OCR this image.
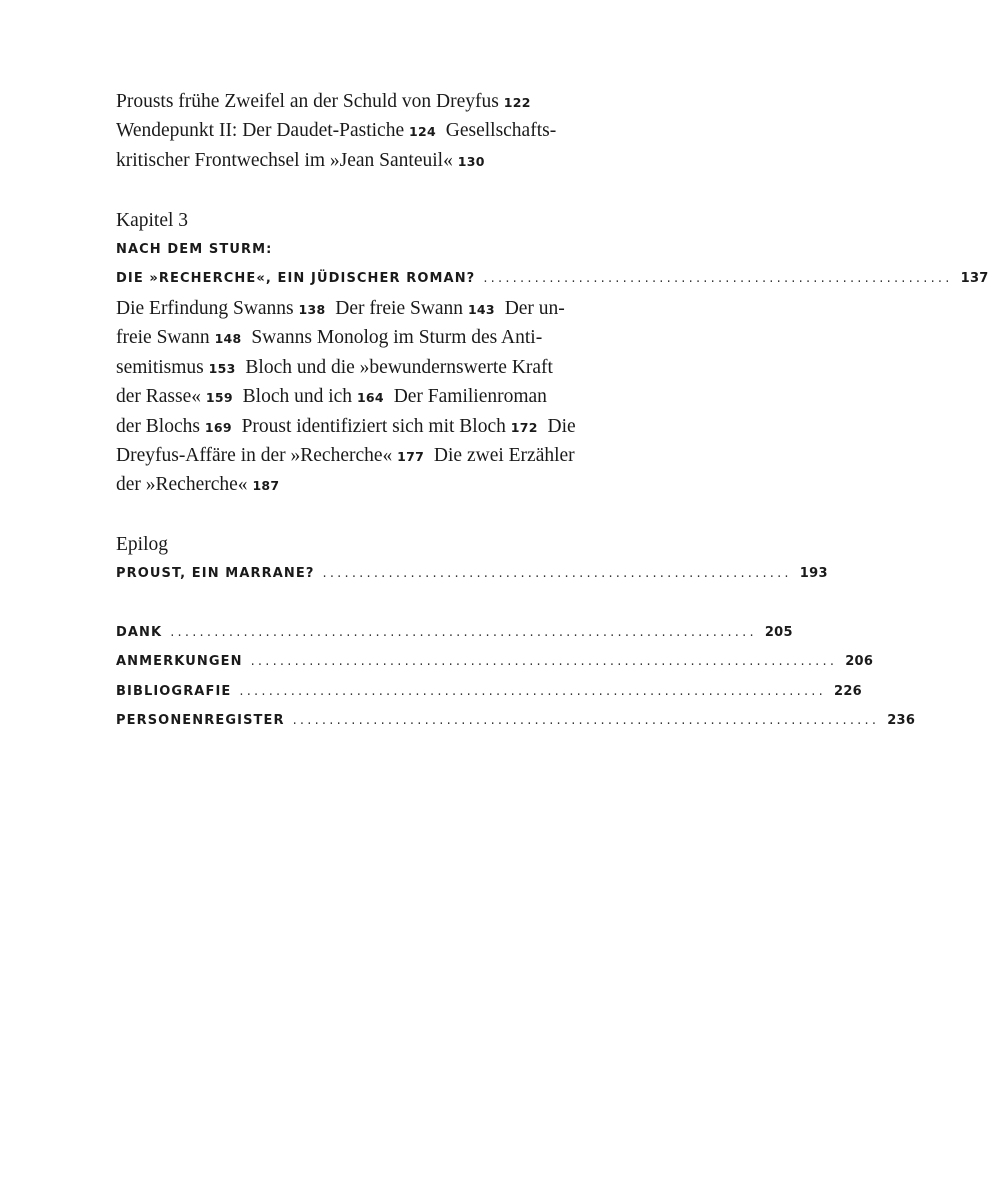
Prousts frühe Zweifel an der Schuld von Dreyfus 122
Wendepunkt II: Der Daudet-Pastiche 124  Gesellschafts-
kritischer Frontwechsel im »Jean Santeuil« 130
Kapitel 3
NACH DEM STURM:
DIE »RECHERCHE«, EIN JÜDISCHER ROMAN? ................................................................ 137
Die Erfindung Swanns 138  Der freie Swann 143  Der un-
freie Swann 148  Swanns Monolog im Sturm des Anti-
semitismus 153  Bloch und die »bewundernswerte Kraft
der Rasse« 159  Bloch und ich 164  Der Familienroman
der Blochs 169  Proust identifiziert sich mit Bloch 172  Die
Dreyfus-Affäre in der »Recherche« 177  Die zwei Erzähler
der »Recherche« 187
Epilog
PROUST, EIN MARRANE? ................................................................ 193
DANK ................................................................................ 205
ANMERKUNGEN ................................................................................ 206
BIBLIOGRAFIE ................................................................................ 226
PERSONENREGISTER ................................................................................ 236
